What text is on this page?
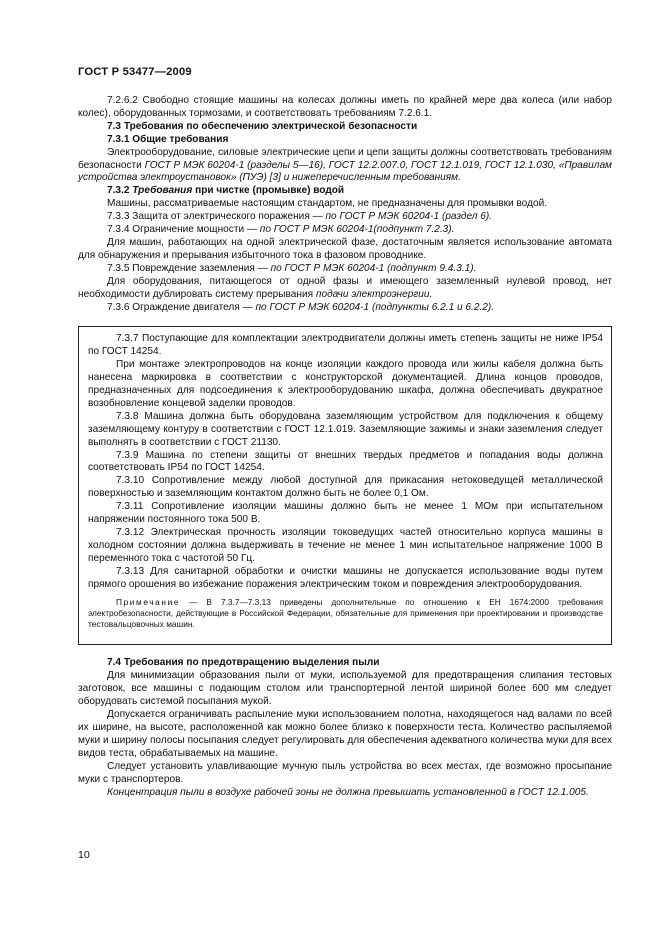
ГОСТ Р 53477—2009

7.2.6.2 Свободно стоящие машины на колесах должны иметь по крайней мере два колеса (или набор колес), оборудованных тормозами, и соответствовать требованиям 7.2.6.1.

7.3 Требования по обеспечению электрической безопасности

7.3.1 Общие требования

Электрооборудование, силовые электрические цепи и цепи защиты должны соответствовать требованиям безопасности ГОСТ Р МЭК 60204-1 (разделы 5—16), ГОСТ 12.2.007.0, ГОСТ 12.1.019, ГОСТ 12.1.030, «Правилам устройства электроустановок» (ПУЭ) [3] и нижеперечисленным требованиям.

7.3.2 Требования при чистке (промывке) водой

Машины, рассматриваемые настоящим стандартом, не предназначены для промывки водой.

7.3.3 Защита от электрического поражения — по ГОСТ Р МЭК 60204-1 (раздел 6).

7.3.4 Ограничение мощности — по ГОСТ Р МЭК 60204-1(подпункт 7.2.3).

Для машин, работающих на одной электрической фазе, достаточным является использование автомата для обнаружения и прерывания избыточного тока в фазовом проводнике.

7.3.5 Повреждение заземления — по ГОСТ Р МЭК 60204-1 (подпункт 9.4.3.1).

Для оборудования, питающегося от одной фазы и имеющего заземленный нулевой провод, нет необходимости дублировать систему прерывания подачи электроэнергии.

7.3.6 Ограждение двигателя — по ГОСТ Р МЭК 60204-1 (подпункты 6.2.1 и 6.2.2).

7.3.7 Поступающие для комплектации электродвигатели должны иметь степень защиты не ниже IP54 по ГОСТ 14254.

При монтаже электропроводов на конце изоляции каждого провода или жилы кабеля должна быть нанесена маркировка в соответствии с конструкторской документацией. Длина концов проводов, предназначенных для подсоединения к электрооборудованию шкафа, должна обеспечивать двукратное возобновление концевой заделки проводов.

7.3.8 Машина должна быть оборудована заземляющим устройством для подключения к общему заземляющему контуру в соответствии с ГОСТ 12.1.019. Заземляющие зажимы и знаки заземления следует выполнять в соответствии с ГОСТ 21130.

7.3.9 Машина по степени защиты от внешних твердых предметов и попадания воды должна соответствовать IP54 по ГОСТ 14254.

7.3.10 Сопротивление между любой доступной для прикасания нетоковедущей металлической поверхностью и заземляющим контактом должно быть не более 0,1 Ом.

7.3.11 Сопротивление изоляции машины должно быть не менее 1 МОм при испытательном напряжении постоянного тока 500 В.

7.3.12 Электрическая прочность изоляции токоведущих частей относительно корпуса машины в холодном состоянии должна выдерживать в течение не менее 1 мин испытательное напряжение 1000 В переменного тока с частотой 50 Гц.

7.3.13 Для санитарной обработки и очистки машины не допускается использование воды путем прямого орошения во избежание поражения электрическим током и повреждения электрооборудования.

Примечание — В 7.3.7—7.3.13 приведены дополнительные по отношению к ЕН 1674:2000 требования электробезопасности, действующие в Российской Федерации, обязательные для применения при проектировании и производстве тестовальцовочных машин.

7.4 Требования по предотвращению выделения пыли

Для минимизации образования пыли от муки, используемой для предотвращения слипания тестовых заготовок, все машины с подающим столом или транспортерной лентой шириной более 600 мм следует оборудовать системой посыпания мукой.

Допускается ограничивать распыление муки использованием полотна, находящегося над валами по всей их ширине, на высоте, расположенной как можно более близко к поверхности теста. Количество распыляемой муки и ширину полосы посыпания следует регулировать для обеспечения адекватного количества муки для всех видов теста, обрабатываемых на машине.

Следует установить улавливающие мучную пыль устройства во всех местах, где возможно просыпание муки с транспортеров.

Концентрация пыли в воздухе рабочей зоны не должна превышать установленной в ГОСТ 12.1.005.

10
